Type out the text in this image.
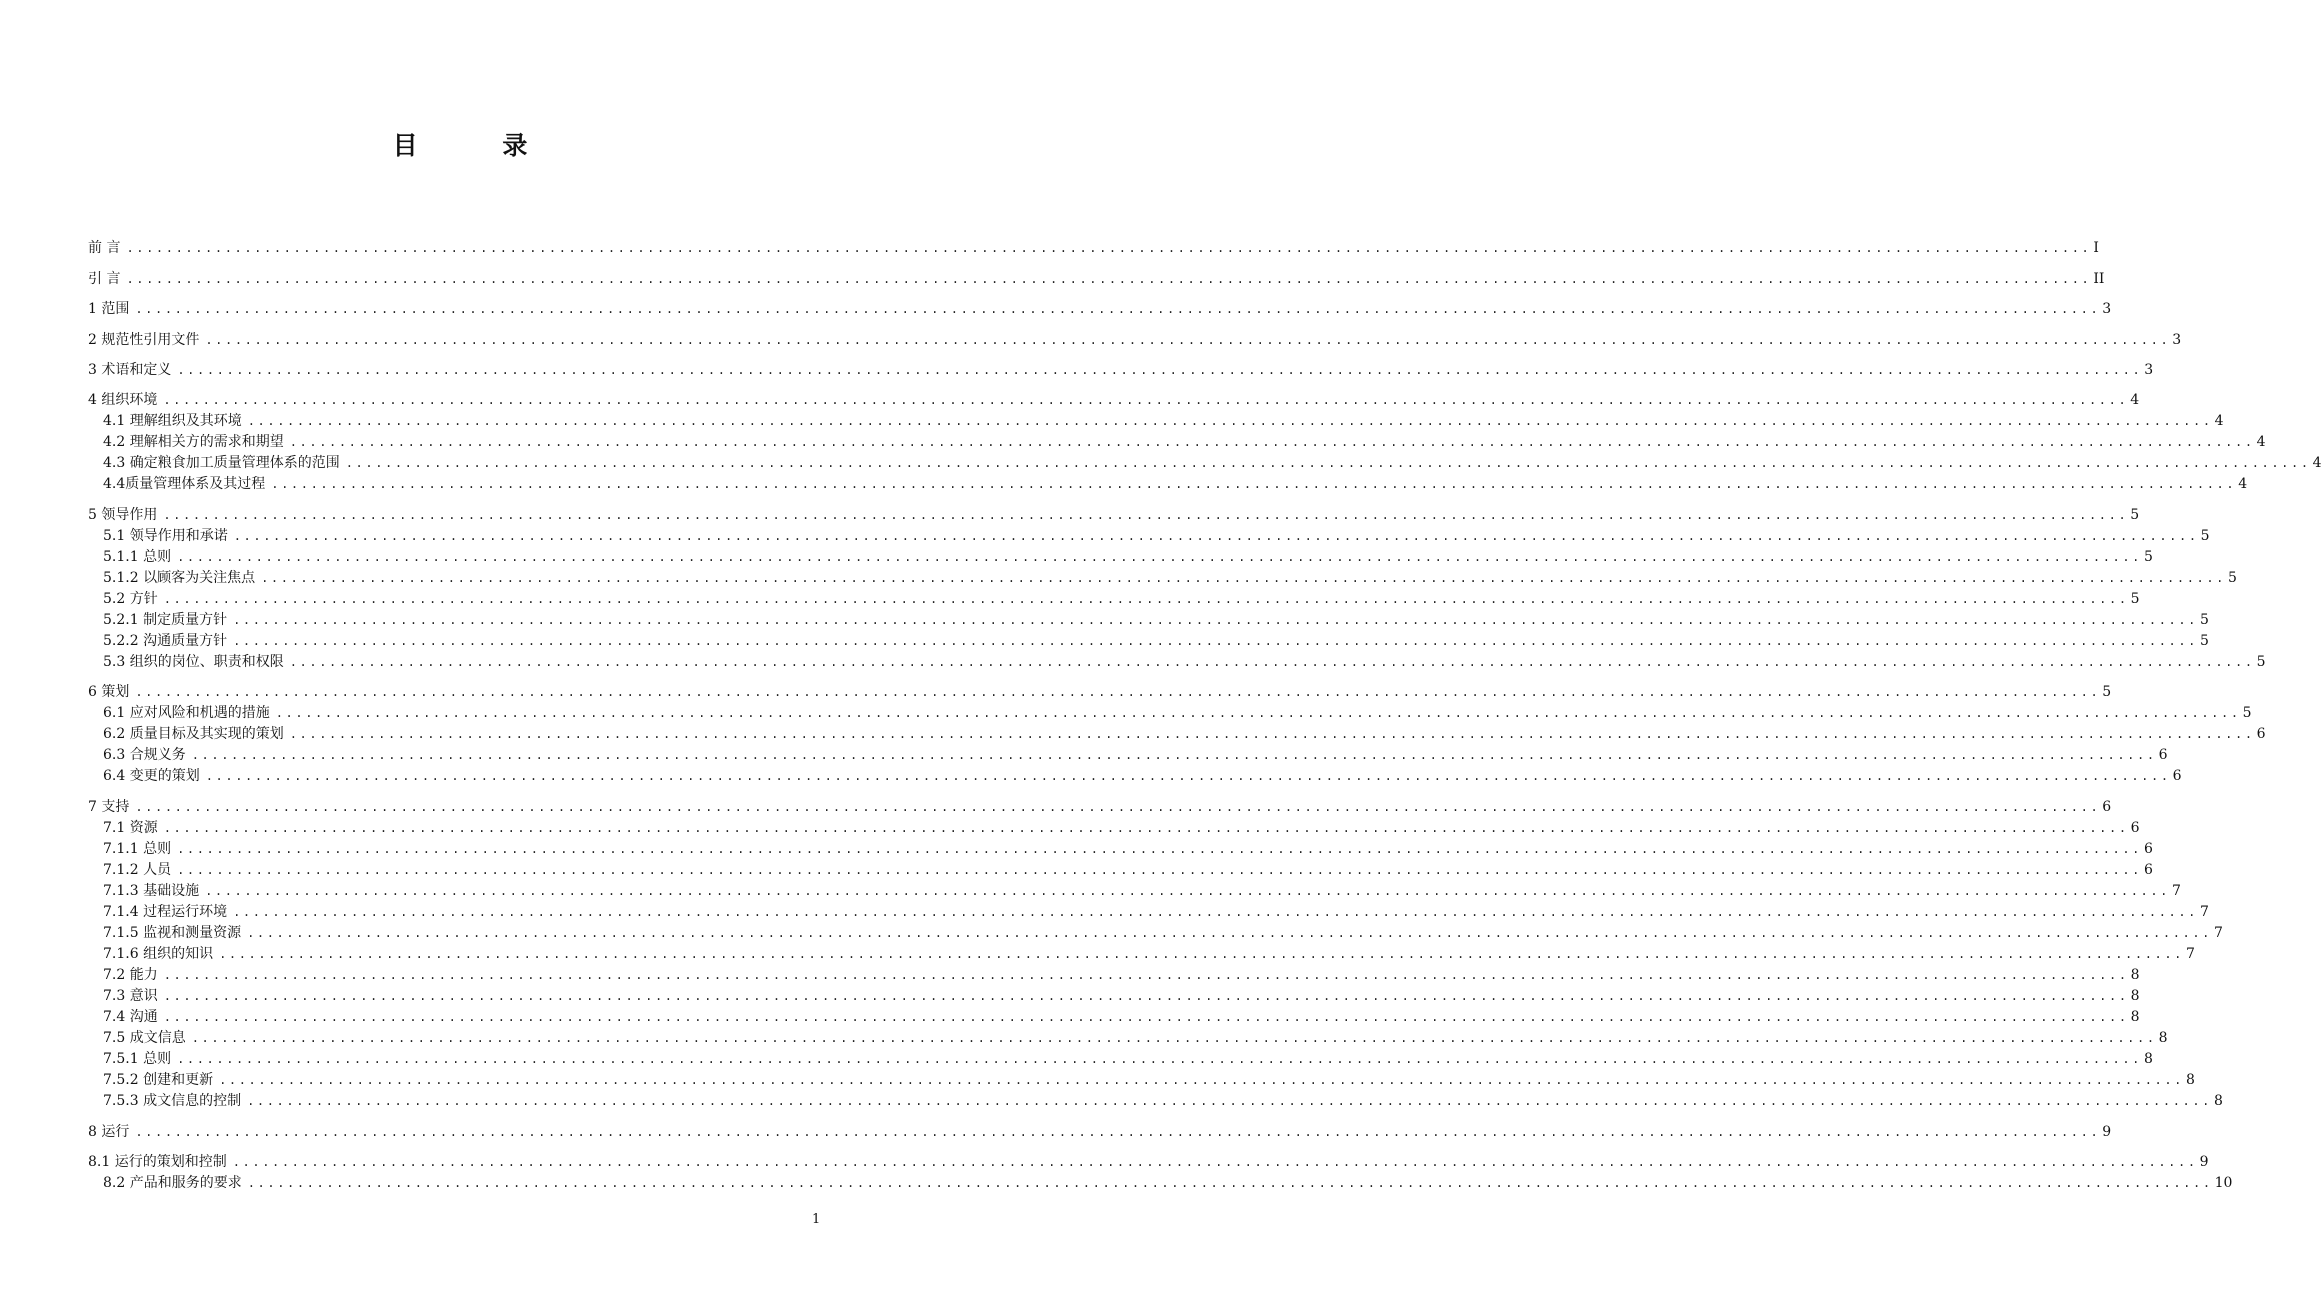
目 录
前 言 ........................................................................................................................................................................................................ I
引 言 ........................................................................................................................................................................................................ II
1 范围 ........................................................................................................................................................................................................ 3
2 规范性引用文件 ........................................................................................................................................................................................................ 3
3 术语和定义 ........................................................................................................................................................................................................ 3
4 组织环境 ........................................................................................................................................................................................................ 4
4.1 理解组织及其环境 ........................................................................................................................................................................................................ 4
4.2 理解相关方的需求和期望 ........................................................................................................................................................................................................ 4
4.3 确定粮食加工质量管理体系的范围 ........................................................................................................................................................................................................ 4
4.4质量管理体系及其过程 ........................................................................................................................................................................................................ 4
5 领导作用 ........................................................................................................................................................................................................ 5
5.1 领导作用和承诺 ........................................................................................................................................................................................................ 5
5.1.1 总则 ........................................................................................................................................................................................................ 5
5.1.2 以顾客为关注焦点 ........................................................................................................................................................................................................ 5
5.2 方针 ........................................................................................................................................................................................................ 5
5.2.1 制定质量方针 ........................................................................................................................................................................................................ 5
5.2.2 沟通质量方针 ........................................................................................................................................................................................................ 5
5.3 组织的岗位、职责和权限 ........................................................................................................................................................................................................ 5
6 策划 ........................................................................................................................................................................................................ 5
6.1 应对风险和机遇的措施 ........................................................................................................................................................................................................ 5
6.2 质量目标及其实现的策划 ........................................................................................................................................................................................................ 6
6.3 合规义务 ........................................................................................................................................................................................................ 6
6.4 变更的策划 ........................................................................................................................................................................................................ 6
7 支持 ........................................................................................................................................................................................................ 6
7.1 资源 ........................................................................................................................................................................................................ 6
7.1.1 总则 ........................................................................................................................................................................................................ 6
7.1.2 人员 ........................................................................................................................................................................................................ 6
7.1.3 基础设施 ........................................................................................................................................................................................................ 7
7.1.4 过程运行环境 ........................................................................................................................................................................................................ 7
7.1.5 监视和测量资源 ........................................................................................................................................................................................................ 7
7.1.6 组织的知识 ........................................................................................................................................................................................................ 7
7.2 能力 ........................................................................................................................................................................................................ 8
7.3 意识 ........................................................................................................................................................................................................ 8
7.4 沟通 ........................................................................................................................................................................................................ 8
7.5 成文信息 ........................................................................................................................................................................................................ 8
7.5.1 总则 ........................................................................................................................................................................................................ 8
7.5.2 创建和更新 ........................................................................................................................................................................................................ 8
7.5.3 成文信息的控制 ........................................................................................................................................................................................................ 8
8 运行 ........................................................................................................................................................................................................ 9
8.1 运行的策划和控制 ........................................................................................................................................................................................................ 9
8.2 产品和服务的要求 ........................................................................................................................................................................................................ 10
1
